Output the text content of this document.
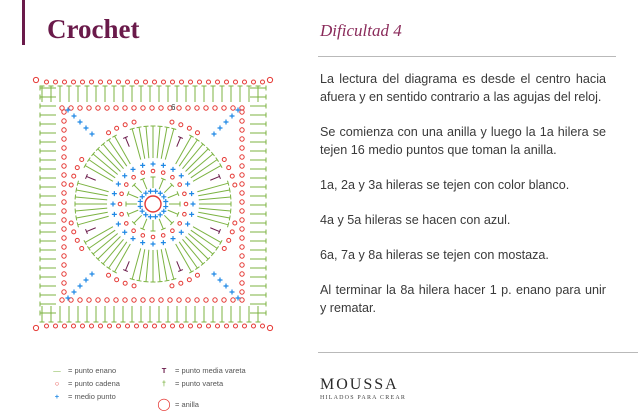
Crochet	Dificultad 4
6

La lectura del diagrama es desde el centro hacia afuera y en sentido contrario a las agujas del reloj.

Se comienza con una anilla y luego la 1a hilera se tejen 16 medio puntos que toman la anilla.

1a, 2a y 3a hileras se tejen con color blanco.

4a y 5a hileras se hacen con azul.

6a, 7a y 8a hileras se tejen con mostaza.

Al terminar la 8a hilera hacer 1 p. enano para unir y rematar.

— = punto enano
○	= punto cadena
+	= medio punto
T	= punto media vareta
†	= punto vareta
◯ = anilla
MOUSSA
HILADOS PARA CREAR
